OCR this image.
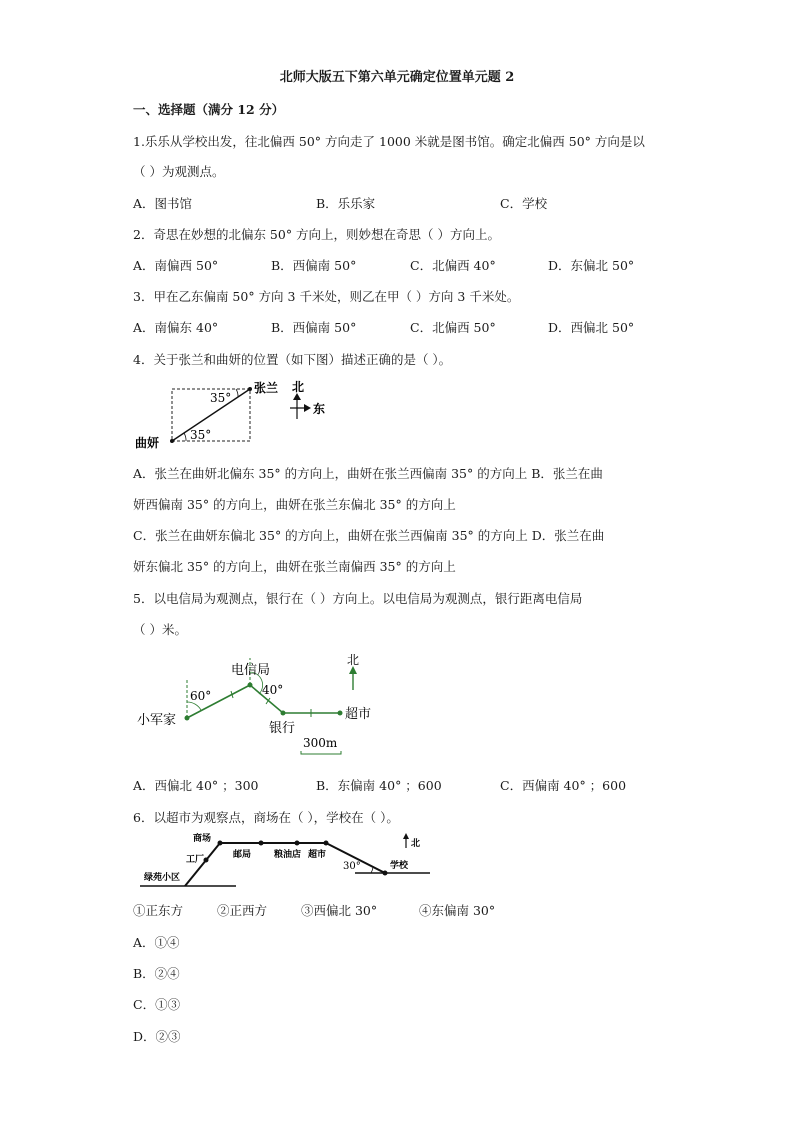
北师大版五下第六单元确定位置单元题 2
一、选择题（满分 12 分）
1.乐乐从学校出发，往北偏西 50° 方向走了 1000 米就是图书馆。确定北偏西 50° 方向是以
（ ）为观测点。
A．图书馆	B．乐乐家	C．学校
2．奇思在妙想的北偏东 50° 方向上，则妙想在奇思（ ）方向上。
A．南偏西 50°	B．西偏南 50°	C．北偏西 40°	D．东偏北 50°
3．甲在乙东偏南 50° 方向 3 千米处，则乙在甲（ ）方向 3 千米处。
A．南偏东 40°	B．西偏南 50°	C．北偏西 50°	D．西偏北 50°
4．关于张兰和曲妍的位置（如下图）描述正确的是（ ）。
35°
35°
张兰
曲妍
北
东
A．张兰在曲妍北偏东 35° 的方向上，曲妍在张兰西偏南 35° 的方向上 B．张兰在曲
妍西偏南 35° 的方向上，曲妍在张兰东偏北 35° 的方向上
C．张兰在曲妍东偏北 35° 的方向上，曲妍在张兰西偏南 35° 的方向上 D．张兰在曲
妍东偏北 35° 的方向上，曲妍在张兰南偏西 35° 的方向上
5．以电信局为观测点，银行在（ ）方向上。以电信局为观测点，银行距离电信局
（ ）米。
60°	40°
电信局
小军家
银行
超市
北
300m
A．西偏北 40° ；300	B．东偏南 40° ；600	C．西偏南 40° ；600
6．以超市为观察点，商场在（ ），学校在（ ）。
商场
工厂	邮局	粮油店 超市
绿苑小区
学校
30°
北
①正东方	②正西方	③西偏北 30°	④东偏南 30°
A．①④
B．②④
C．①③
D．②③
